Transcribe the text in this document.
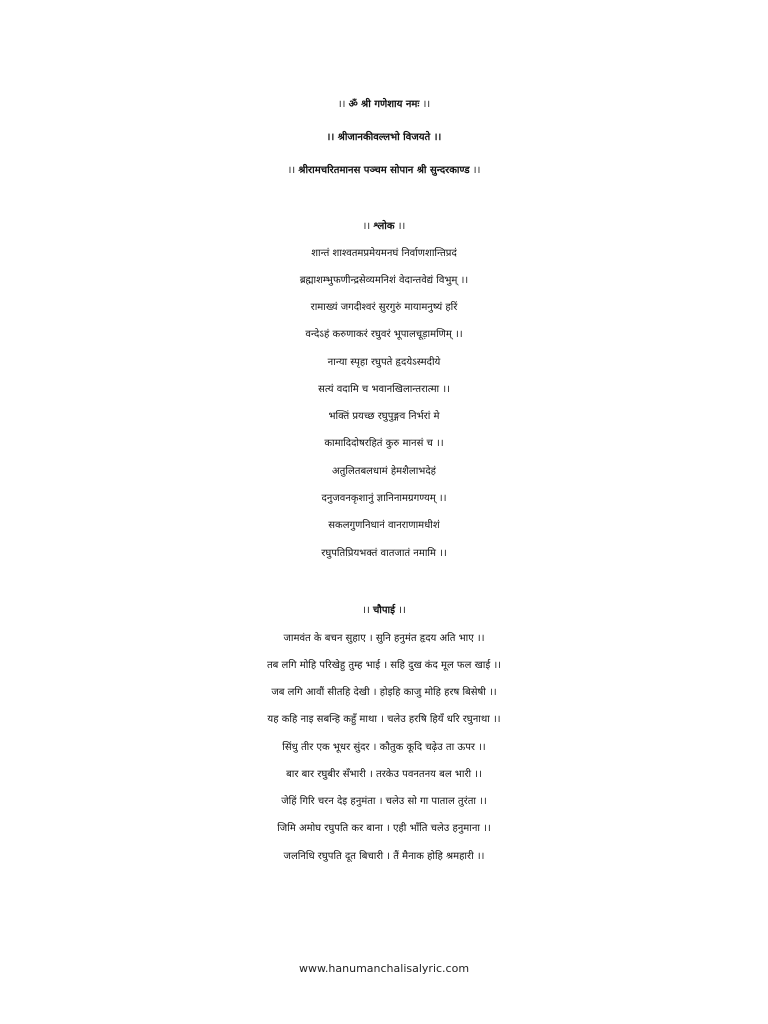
।। ॐ श्री गणेशाय नमः ।।
।। श्रीजानकीवल्लभो विजयते ।।
।। श्रीरामचरितमानस पञ्चम सोपान श्री सुन्दरकाण्ड ।।
।। श्लोक ।।
शान्तं शाश्वतमप्रमेयमनघं निर्वाणशान्तिप्रदं
ब्रह्माशम्भुफणीन्द्रसेव्यमनिशं वेदान्तवेद्यं विभुम् ।।
रामाख्यं जगदीश्वरं सुरगुरुं मायामनुष्यं हरिं
वन्देऽहं करुणाकरं रघुवरं भूपालचूड़ामणिम् ।।
नान्या स्पृहा रघुपते हृदयेऽस्मदीये
सत्यं वदामि च भवानखिलान्तरात्मा ।।
भक्तिं प्रयच्छ रघुपुङ्गव निर्भरां मे
कामादिदोषरहितं कुरु मानसं च ।।
अतुलितबलधामं हेमशैलाभदेहं
दनुजवनकृशानुं ज्ञानिनामग्रगण्यम् ।।
सकलगुणनिधानं वानराणामधीशं
रघुपतिप्रियभक्तं वातजातं नमामि ।।
।। चौपाई ।।
जामवंत के बचन सुहाए । सुनि हनुमंत हृदय अति भाए ।।
तब लगि मोहि परिखेहु तुम्ह भाई । सहि दुख कंद मूल फल खाई ।।
जब लगि आवौं सीतहि देखी । होइहि काजु मोहि हरष बिसेषी ।।
यह कहि नाइ सबन्हि कहुँ माथा । चलेउ हरषि हियँ धरि रघुनाथा ।।
सिंधु तीर एक भूधर सुंदर । कौतुक कूदि चढ़ेउ ता ऊपर ।।
बार बार रघुबीर सँभारी । तरकेउ पवनतनय बल भारी ।।
जेहिं गिरि चरन देइ हनुमंता । चलेउ सो गा पाताल तुरंता ।।
जिमि अमोघ रघुपति कर बाना । एही भाँति चलेउ हनुमाना ।।
जलनिधि रघुपति दूत बिचारी । तैं मैनाक होहि श्रमहारी ।।
www.hanumanchalisalyric.com
